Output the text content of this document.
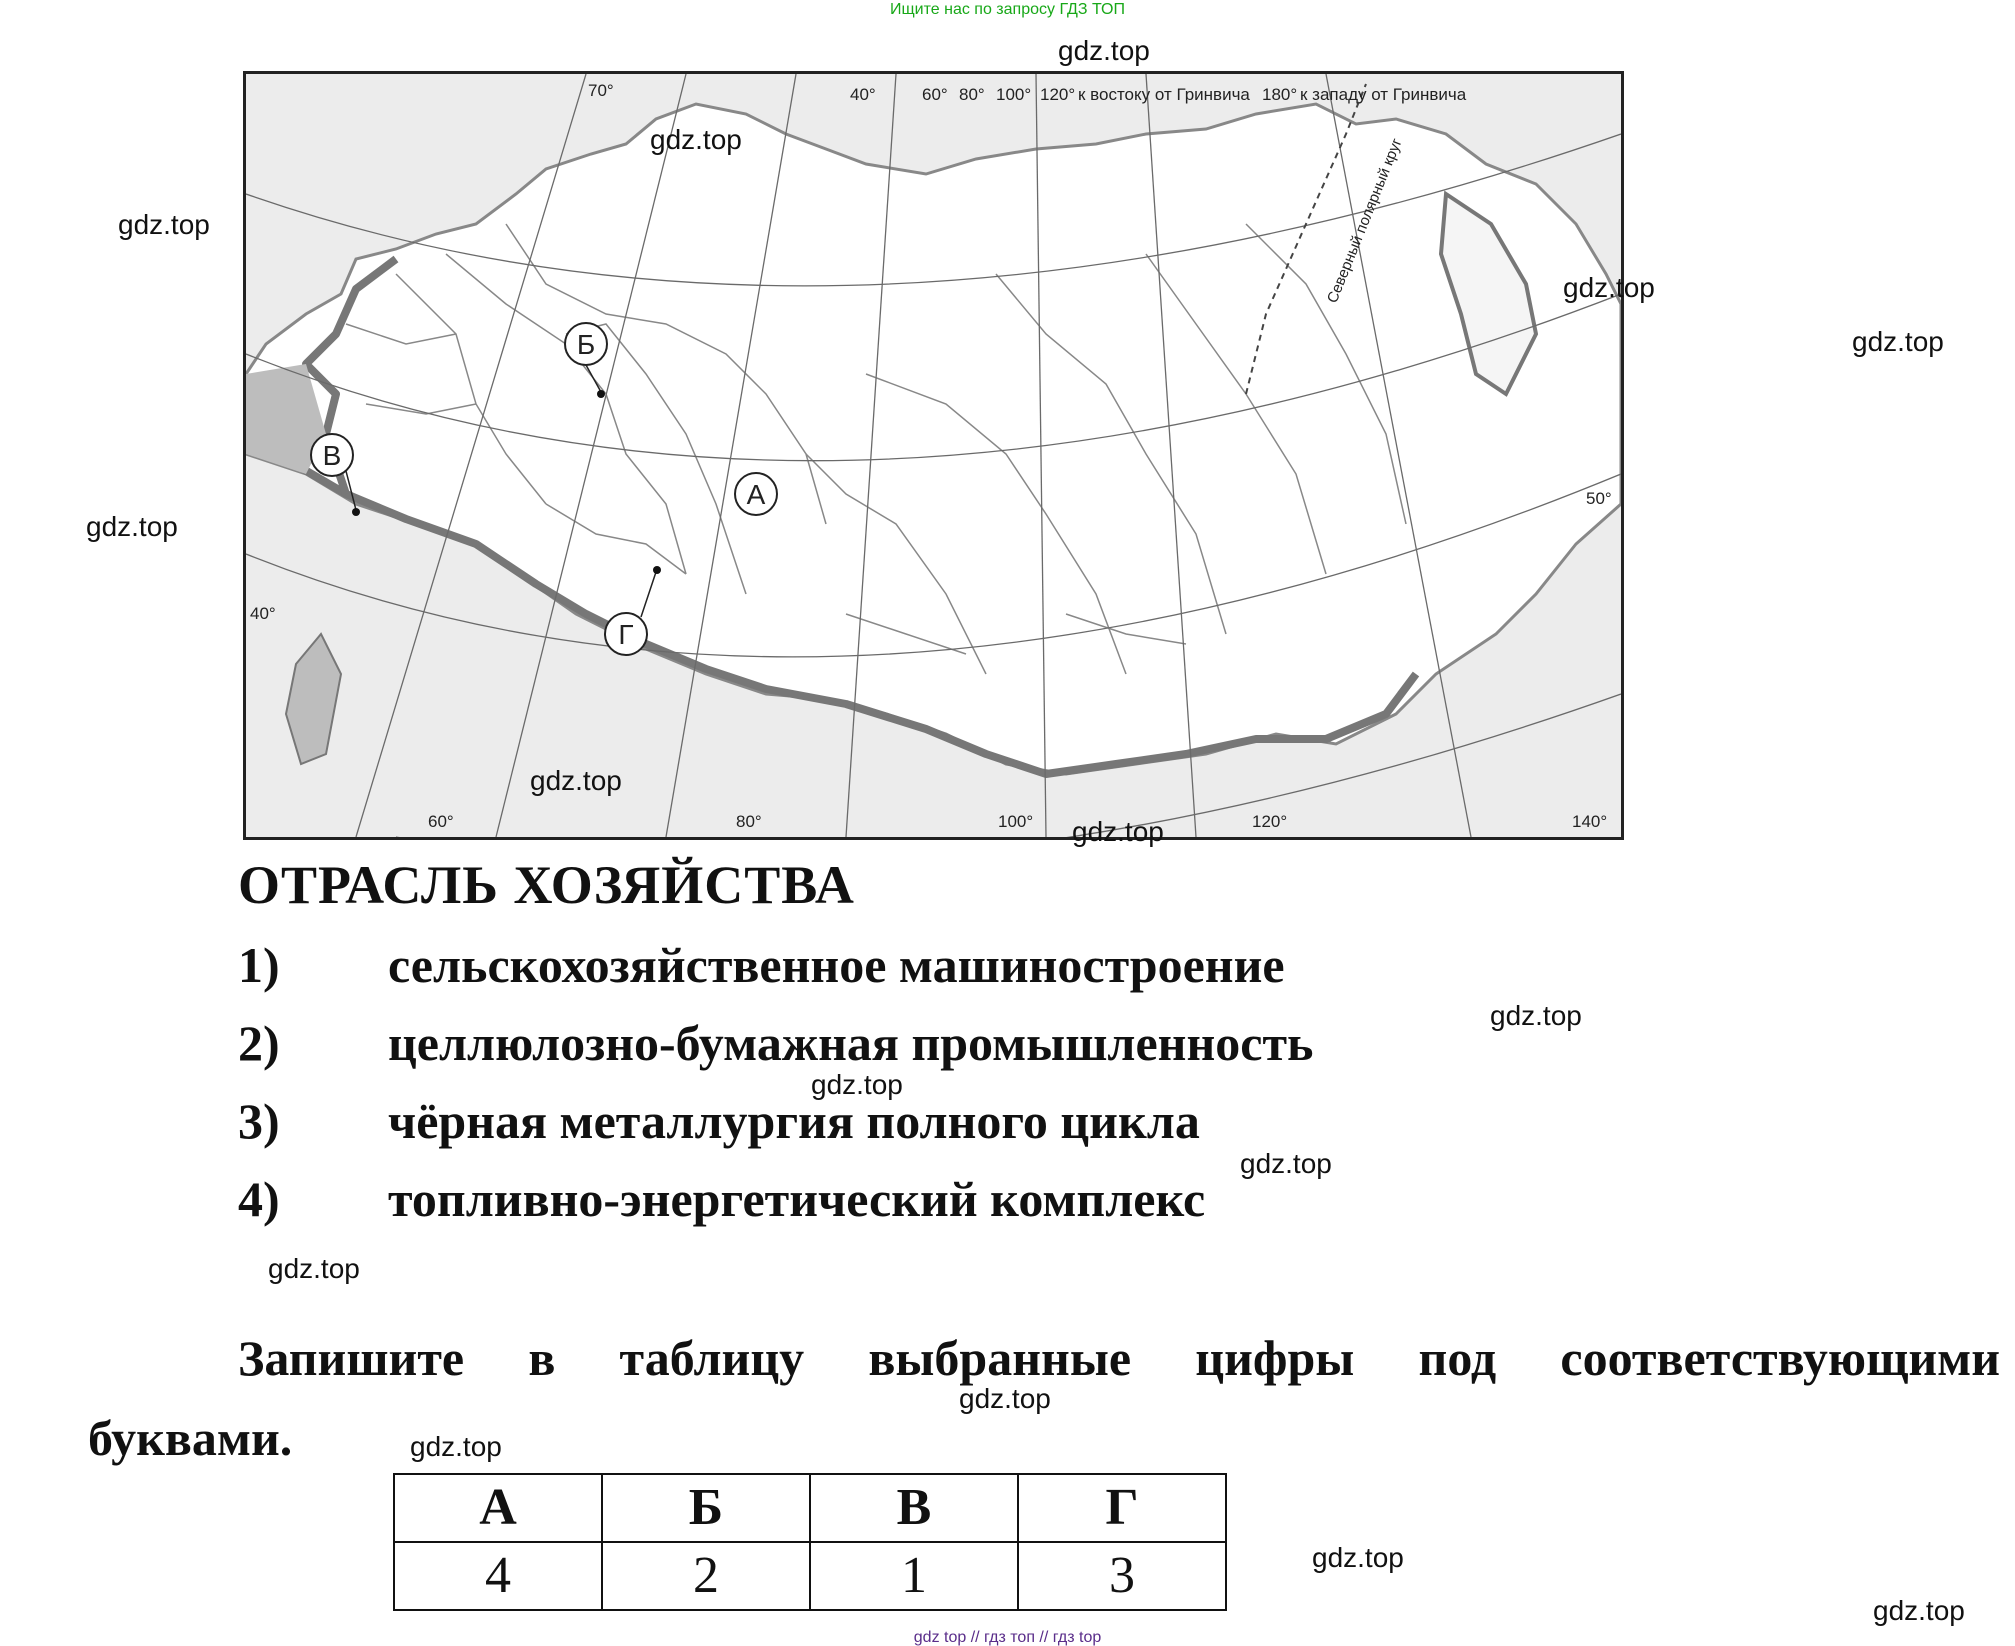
Ищите нас по запросу ГДЗ ТОП
40°	60° 80° 100° 120° к востоку от Гринвича 180° к западу от Гринвича
70°
50°
40°
60°	80°	100°	120°	140°
Северный полярный круг
А
Б
В
Г
gdz.top
gdz.top
gdz.top
gdz.top
gdz.top
gdz.top
gdz.top
gdz.top
gdz.top
gdz.top
gdz.top
gdz.top
gdz.top
gdz.top
gdz.top
gdz.top
ОТРАСЛЬ ХОЗЯЙСТВА
1) сельскохозяйственное машиностроение
2) целлюлозно-бумажная промышленность
3) чёрная металлургия полного цикла
4) топливно-энергетический комплекс
Запишите в таблицу выбранные цифры под соответствующими
буквами.
А	Б	В	Г
4	2	1	3
gdz top // гдз топ // гдз top
